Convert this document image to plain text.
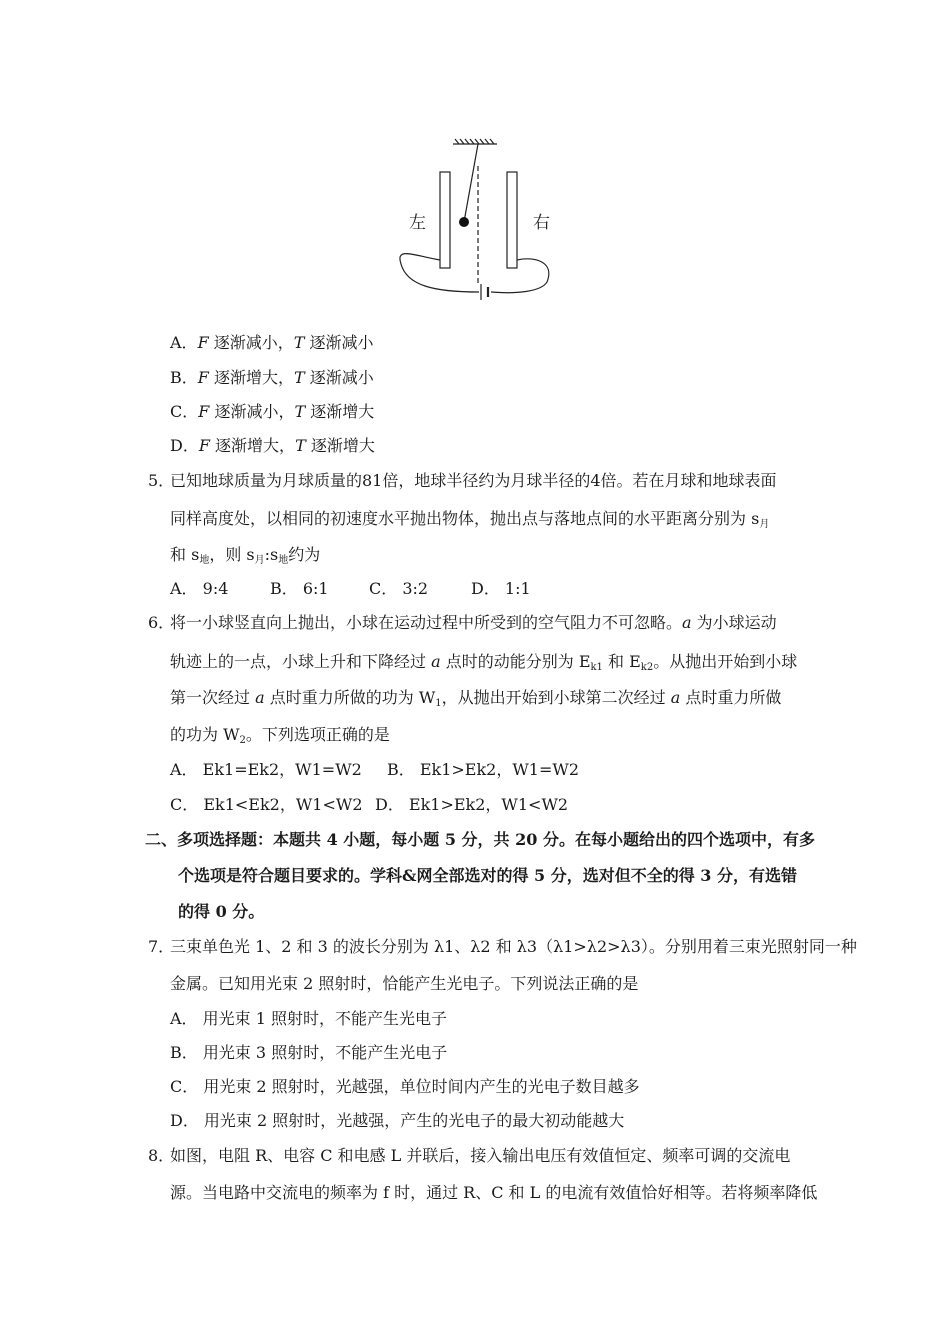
左	右
A．F 逐渐减小，T 逐渐减小
B．F 逐渐增大，T 逐渐减小
C．F 逐渐减小，T 逐渐增大
D．F 逐渐增大，T 逐渐增大
5．
已知地球质量为月球质量的81倍，地球半径约为月球半径的4倍。若在月球和地球表面
同样高度处，以相同的初速度水平抛出物体，抛出点与落地点间的水平距离分别为 $s_月$
和 $s_地$，则 $s_月:s_地$约为
A． 9:4	B． 6:1	C． 3:2	D． 1:1
6．
将一小球竖直向上抛出，小球在运动过程中所受到的空气阻力不可忽略。a 为小球运动
轨迹上的一点，小球上升和下降经过 a 点时的动能分别为 $E_{k1}$ 和 $E_{k2}$。从抛出开始到小球
第一次经过 a 点时重力所做的功为 $W_1$，从抛出开始到小球第二次经过 a 点时重力所做
的功为 $W_2$。下列选项正确的是
A． Ek1=Ek2，W1=W2 B． Ek1>Ek2，W1=W2
C． Ek1<Ek2，W1<W2 D． Ek1>Ek2，W1<W2
二、多项选择题：本题共 4 小题，每小题 5 分，共 20 分。在每小题给出的四个选项中，有多
个选项是符合题目要求的。学科&网全部选对的得 5 分，选对但不全的得 3 分，有选错
的得 0 分。
7．
三束单色光 1、2 和 3 的波长分别为 λ1、λ2 和 λ3（λ1>λ2>λ3）。分别用着三束光照射同一种
金属。已知用光束 2 照射时，恰能产生光电子。下列说法正确的是
A． 用光束 1 照射时，不能产生光电子
B． 用光束 3 照射时，不能产生光电子
C． 用光束 2 照射时，光越强，单位时间内产生的光电子数目越多
D． 用光束 2 照射时，光越强，产生的光电子的最大初动能越大
8．
如图，电阻 R、电容 C 和电感 L 并联后，接入输出电压有效值恒定、频率可调的交流电
源。当电路中交流电的频率为 f 时，通过 R、C 和 L 的电流有效值恰好相等。若将频率降低
